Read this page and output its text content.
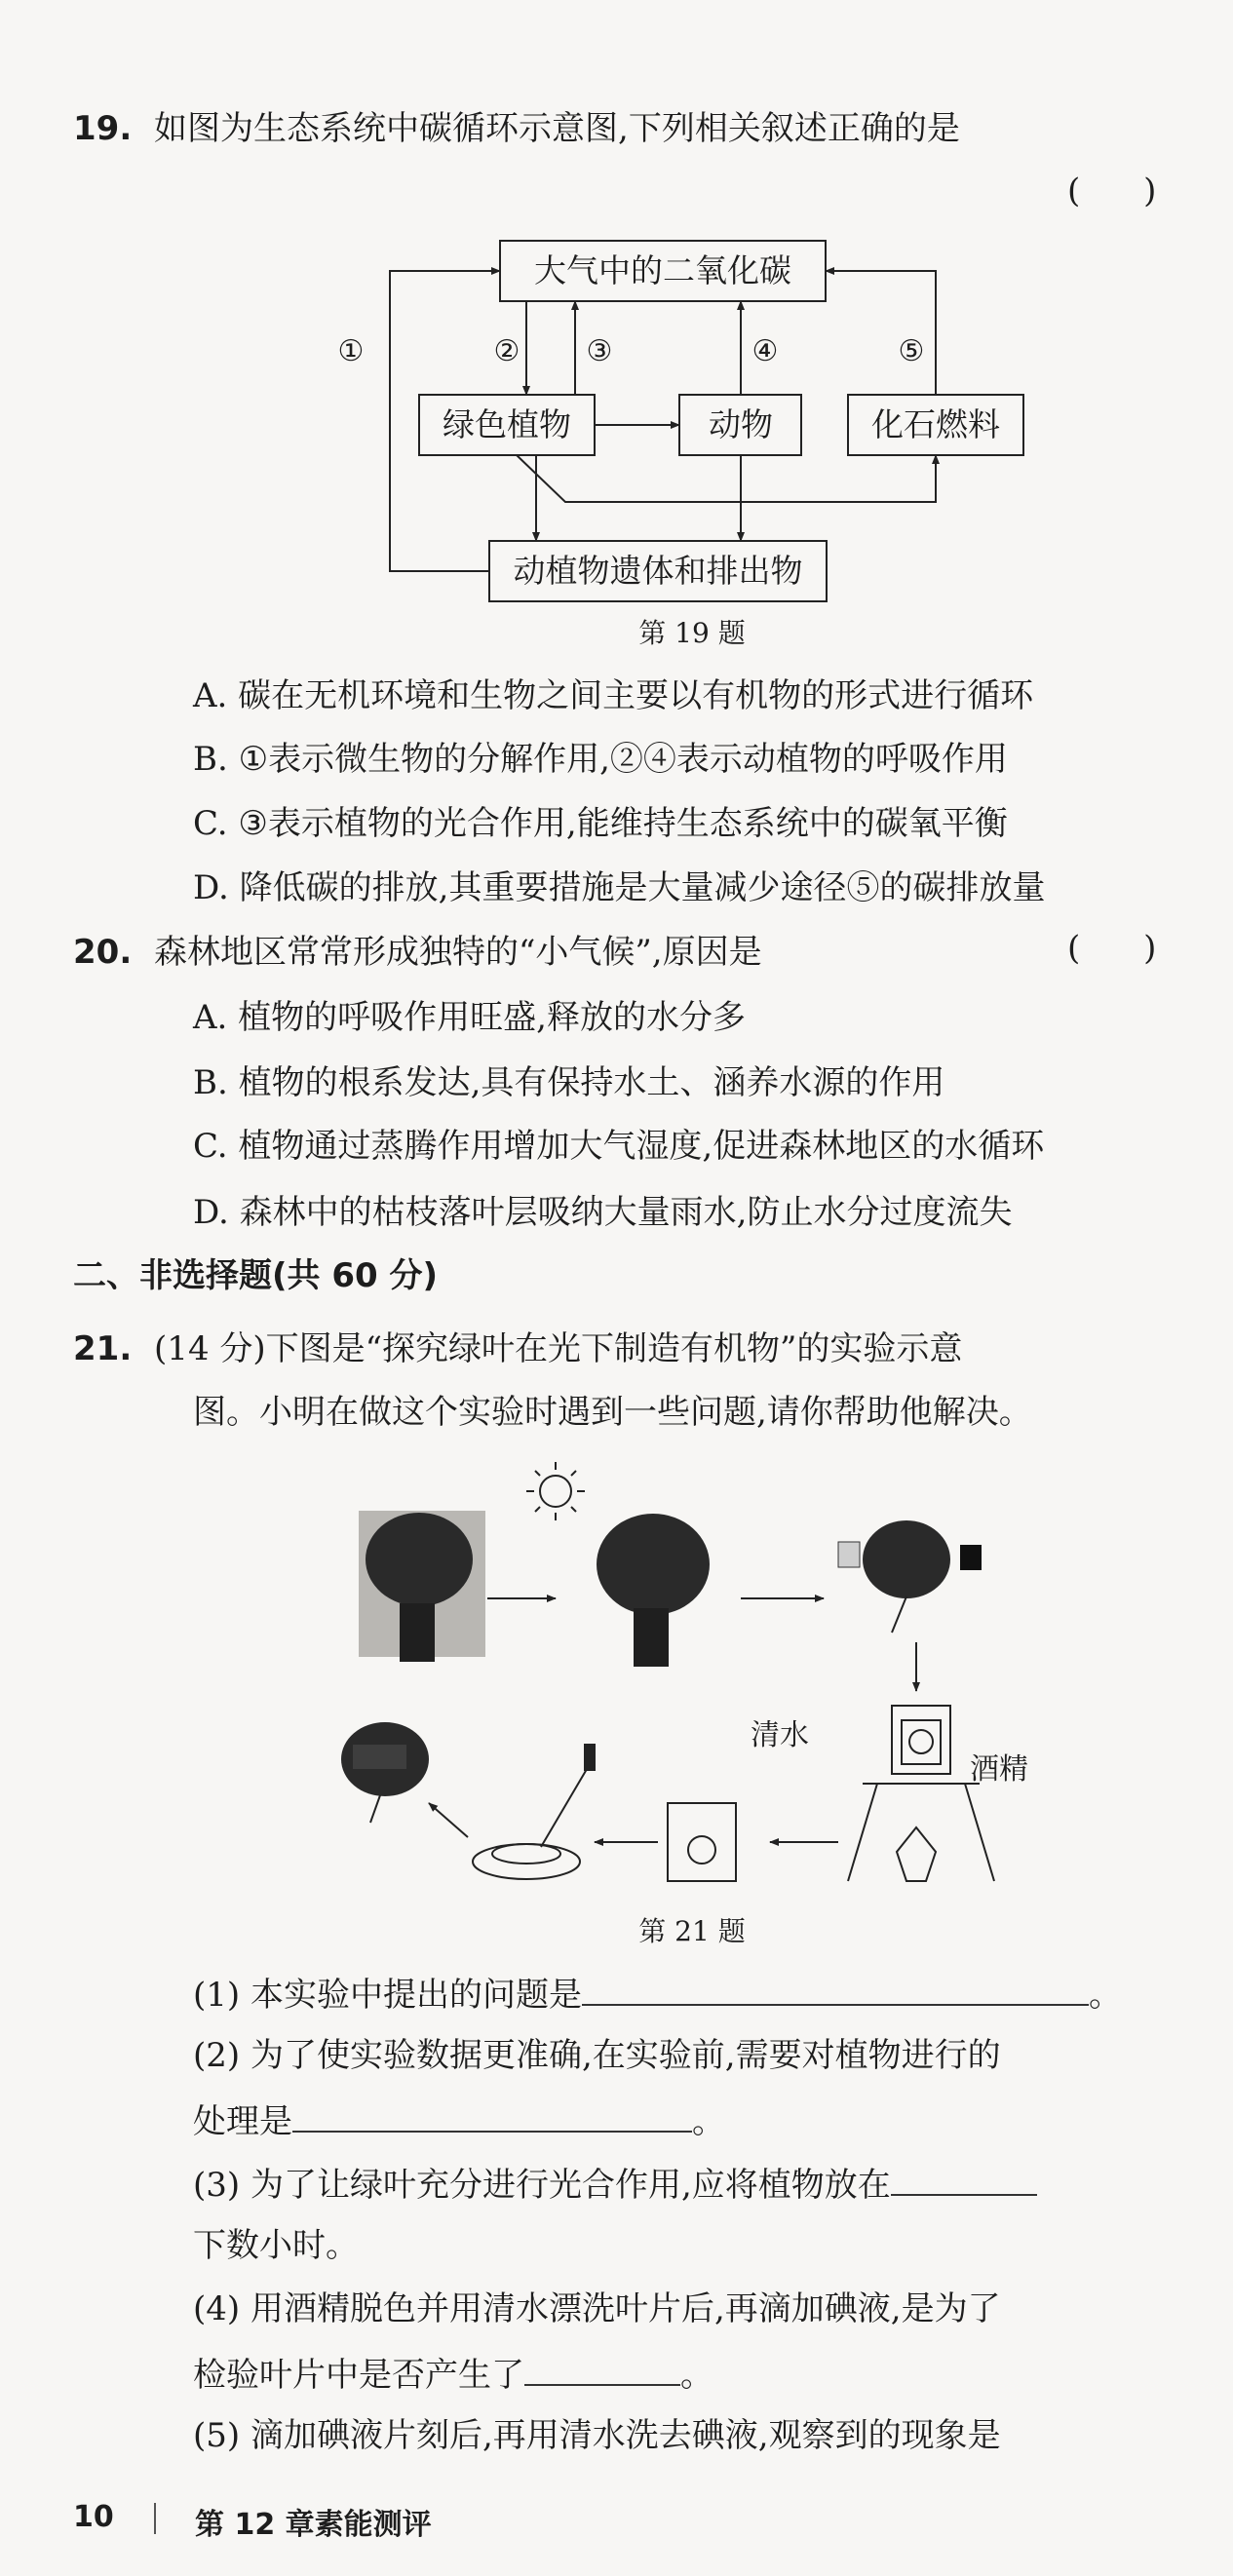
19. 如图为生态系统中碳循环示意图,下列相关叙述正确的是
(      )
大气中的二氧化碳
绿色植物	动物	化石燃料
动植物遗体和排出物
①	② ③	④	⑤
第 19 题
A. 碳在无机环境和生物之间主要以有机物的形式进行循环
B. ①表示微生物的分解作用,②④表示动植物的呼吸作用
C. ③表示植物的光合作用,能维持生态系统中的碳氧平衡
D. 降低碳的排放,其重要措施是大量减少途径⑤的碳排放量
20. 森林地区常常形成独特的“小气候”,原因是	(      )
A. 植物的呼吸作用旺盛,释放的水分多
B. 植物的根系发达,具有保持水土、涵养水源的作用
C. 植物通过蒸腾作用增加大气湿度,促进森林地区的水循环
D. 森林中的枯枝落叶层吸纳大量雨水,防止水分过度流失
二、非选择题(共 60 分)
21. (14 分)下图是“探究绿叶在光下制造有机物”的实验示意
图。小明在做这个实验时遇到一些问题,请你帮助他解决。
清水
酒精
第 21 题
(1) 本实验中提出的问题是	。
(2) 为了使实验数据更准确,在实验前,需要对植物进行的
处理是	。
(3) 为了让绿叶充分进行光合作用,应将植物放在
下数小时。
(4) 用酒精脱色并用清水漂洗叶片后,再滴加碘液,是为了
检验叶片中是否产生了	。
(5) 滴加碘液片刻后,再用清水洗去碘液,观察到的现象是
10	第 12 章素能测评
